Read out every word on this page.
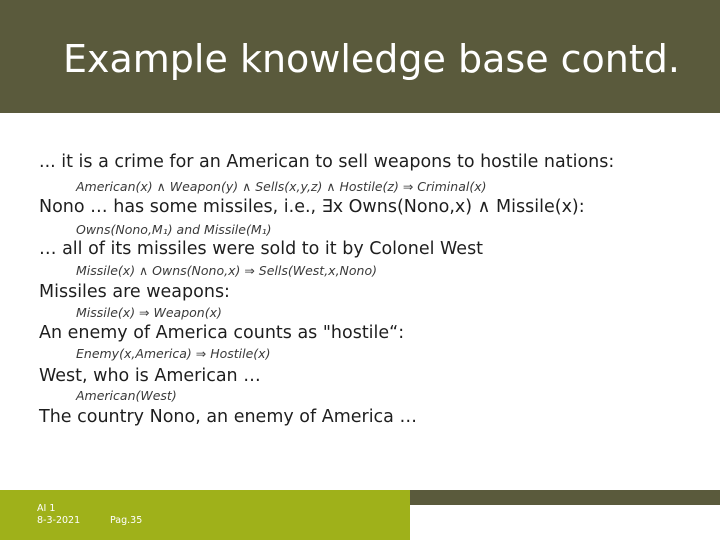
Example knowledge base contd.
... it is a crime for an American to sell weapons to hostile nations:
American(x) ∧ Weapon(y) ∧ Sells(x,y,z) ∧ Hostile(z) ⇒ Criminal(x)
Nono … has some missiles, i.e., ∃x Owns(Nono,x) ∧ Missile(x):
Owns(Nono,M₁) and Missile(M₁)
… all of its missiles were sold to it by Colonel West
Missile(x) ∧ Owns(Nono,x) ⇒ Sells(West,x,Nono)
Missiles are weapons:
Missile(x) ⇒ Weapon(x)
An enemy of America counts as "hostile“:
Enemy(x,America) ⇒ Hostile(x)
West, who is American …
American(West)
The country Nono, an enemy of America …
AI 1
8-3-2021	Pag.35
